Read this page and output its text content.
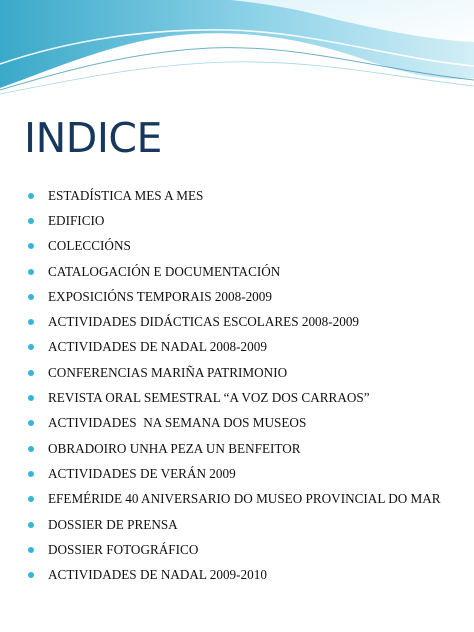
INDICE
ESTADÍSTICA MES A MES
EDIFICIO
COLECCIÓNS
CATALOGACIÓN E DOCUMENTACIÓN
EXPOSICIÓNS TEMPORAIS 2008-2009
ACTIVIDADES DIDÁCTICAS ESCOLARES 2008-2009
ACTIVIDADES DE NADAL 2008-2009
CONFERENCIAS MARIÑA PATRIMONIO
REVISTA ORAL SEMESTRAL “A VOZ DOS CARRAOS”
ACTIVIDADES  NA SEMANA DOS MUSEOS
OBRADOIRO UNHA PEZA UN BENFEITOR
ACTIVIDADES DE VERÁN 2009
EFEMÉRIDE 40 ANIVERSARIO DO MUSEO PROVINCIAL DO MAR
DOSSIER DE PRENSA
DOSSIER FOTOGRÁFICO
ACTIVIDADES DE NADAL 2009-2010
